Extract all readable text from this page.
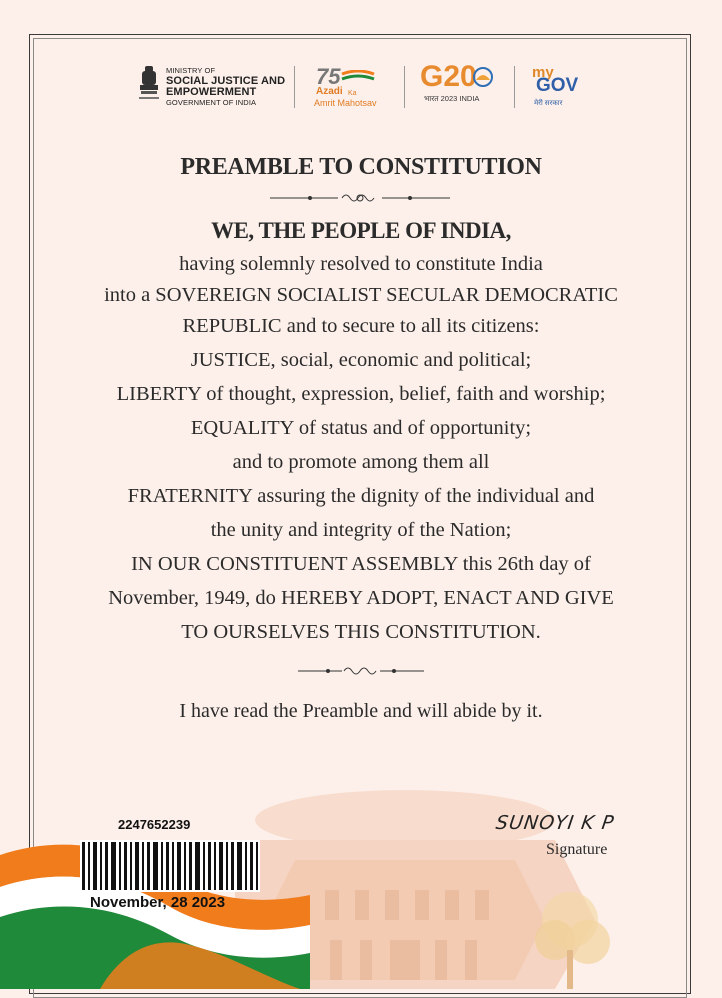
MINISTRY OF
SOCIAL JUSTICE AND
EMPOWERMENT
GOVERNMENT OF INDIA
75
Azadi Ka
Amrit Mahotsav
G20
भारत 2023 INDIA
my
GOV
मेरी सरकार
PREAMBLE TO CONSTITUTION
WE, THE PEOPLE OF INDIA,
having solemnly resolved to constitute India
into a SOVEREIGN SOCIALIST SECULAR DEMOCRATIC
REPUBLIC and to secure to all its citizens:
JUSTICE, social, economic and political;
LIBERTY of thought, expression, belief, faith and worship;
EQUALITY of status and of opportunity;
and to promote among them all
FRATERNITY assuring the dignity of the individual and
the unity and integrity of the Nation;
IN OUR CONSTITUENT ASSEMBLY this 26th day of
November, 1949, do HEREBY ADOPT, ENACT AND GIVE
TO OURSELVES THIS CONSTITUTION.
I have read the Preamble and will abide by it.
2247652239
November, 28 2023
SUNOYI K P
Signature
